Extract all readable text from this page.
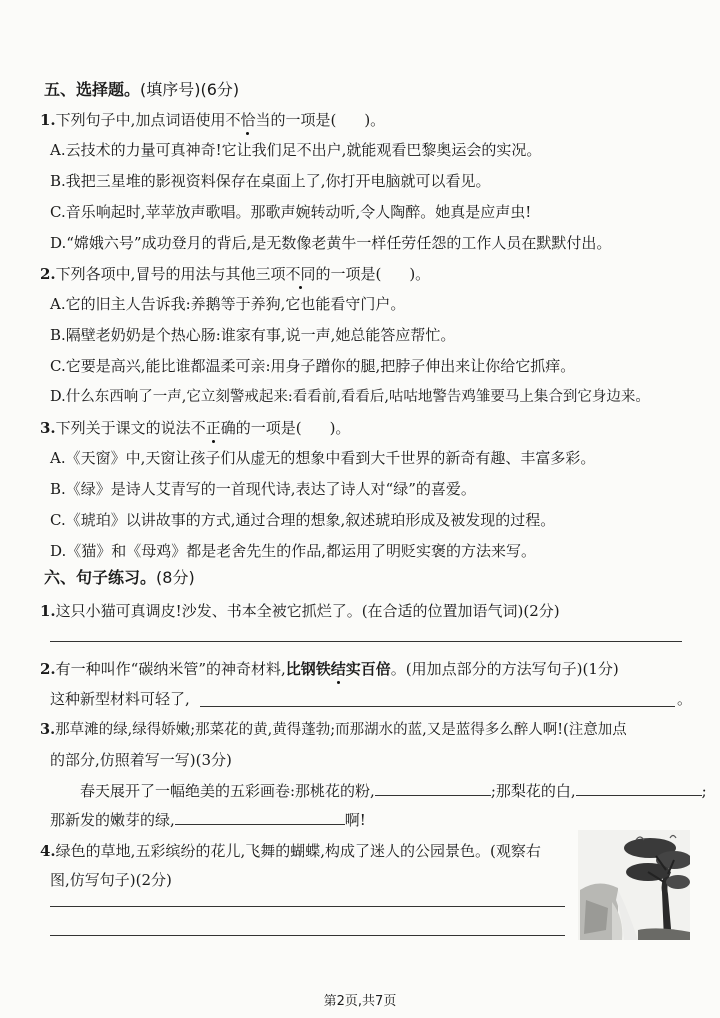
五、选择题。(填序号)(6分)
1.下列句子中,加点词语使用不恰当的一项是( )。
A.云技术的力量可真神奇!它让我们足不出户,就能观看巴黎奥运会的实况。
B.我把三星堆的影视资料保存在桌面上了,你打开电脑就可以看见。
C.音乐响起时,苹苹放声歌唱。那歌声婉转动听,令人陶醉。她真是应声虫!
D.“嫦娥六号”成功登月的背后,是无数像老黄牛一样任劳任怨的工作人员在默默付出。
2.下列各项中,冒号的用法与其他三项不同的一项是( )。
A.它的旧主人告诉我:养鹅等于养狗,它也能看守门户。
B.隔壁老奶奶是个热心肠:谁家有事,说一声,她总能答应帮忙。
C.它要是高兴,能比谁都温柔可亲:用身子蹭你的腿,把脖子伸出来让你给它抓痒。
D.什么东西响了一声,它立刻警戒起来:看看前,看看后,咕咕地警告鸡雏要马上集合到它身边来。
3.下列关于课文的说法不正确的一项是( )。
A.《天窗》中,天窗让孩子们从虚无的想象中看到大千世界的新奇有趣、丰富多彩。
B.《绿》是诗人艾青写的一首现代诗,表达了诗人对“绿”的喜爱。
C.《琥珀》以讲故事的方式,通过合理的想象,叙述琥珀形成及被发现的过程。
D.《猫》和《母鸡》都是老舍先生的作品,都运用了明贬实褒的方法来写。
六、句子练习。(8分)
1.这只小猫可真调皮!沙发、书本全被它抓烂了。(在合适的位置加语气词)(2分)
2.有一种叫作“碳纳米管”的神奇材料,比钢铁结实百倍。(用加点部分的方法写句子)(1分)
这种新型材料可轻了,	。
3.那草滩的绿,绿得娇嫩;那菜花的黄,黄得蓬勃;而那湖水的蓝,又是蓝得多么醉人啊!(注意加点
的部分,仿照着写一写)(3分)
春天展开了一幅绝美的五彩画卷:那桃花的粉,	;那梨花的白,	;
那新发的嫩芽的绿,	啊!
4.绿色的草地,五彩缤纷的花儿,飞舞的蝴蝶,构成了迷人的公园景色。(观察右
图,仿写句子)(2分)
第2页,共7页
